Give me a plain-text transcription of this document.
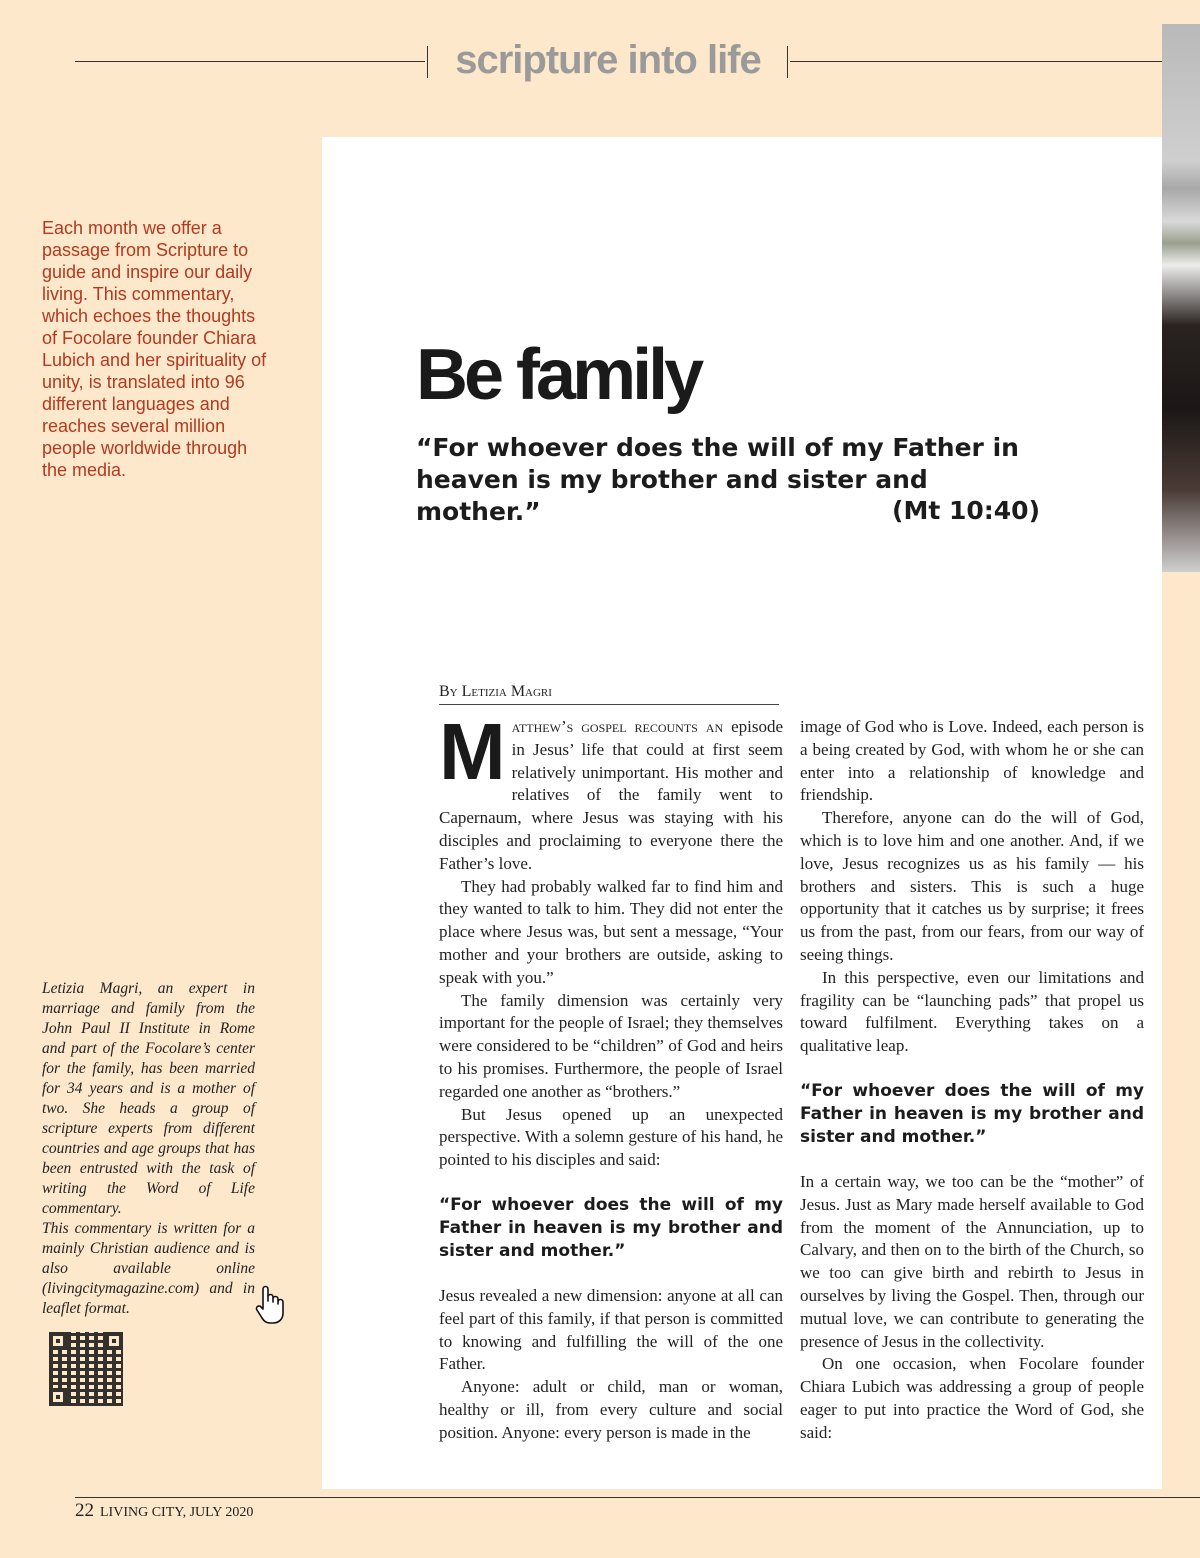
scripture into life
Each month we offer a passage from Scripture to guide and inspire our daily living. This commentary, which echoes the thoughts of Focolare founder Chiara Lubich and her spirituality of unity, is translated into 96 different languages and reaches several million people worldwide through the media.
Be family

“For whoever does the will of my Father in heaven is my brother and sister and mother.”	(Mt 10:40)
By Letizia Magri

Matthew’s gospel recounts an episode in Jesus’ life that could at first seem relatively unimportant. His mother and relatives of the family went to Capernaum, where Jesus was staying with his disciples and proclaiming to everyone there the Father’s love.

They had probably walked far to find him and they wanted to talk to him. They did not enter the place where Jesus was, but sent a message, “Your mother and your brothers are outside, asking to speak with you.”

The family dimension was certainly very important for the people of Israel; they themselves were considered to be “children” of God and heirs to his promises. Furthermore, the people of Israel regarded one another as “brothers.”

But Jesus opened up an unexpected perspective. With a solemn gesture of his hand, he pointed to his disciples and said:

“For whoever does the will of my Father in heaven is my brother and sister and mother.”

Jesus revealed a new dimension: anyone at all can feel part of this family, if that person is committed to knowing and fulfilling the will of the one Father.

Anyone: adult or child, man or woman, healthy or ill, from every culture and social position. Anyone: every person is made in the

image of God who is Love. Indeed, each person is a being created by God, with whom he or she can enter into a relationship of knowledge and friendship.

Therefore, anyone can do the will of God, which is to love him and one another. And, if we love, Jesus recognizes us as his family — his brothers and sisters. This is such a huge opportunity that it catches us by surprise; it frees us from the past, from our fears, from our way of seeing things.

In this perspective, even our limitations and fragility can be “launching pads” that propel us toward fulfilment. Everything takes on a qualitative leap.

“For whoever does the will of my Father in heaven is my brother and sister and mother.”

In a certain way, we too can be the “mother” of Jesus. Just as Mary made herself available to God from the moment of the Annunciation, up to Calvary, and then on to the birth of the Church, so we too can give birth and rebirth to Jesus in ourselves by living the Gospel. Then, through our mutual love, we can contribute to generating the presence of Jesus in the collectivity.

On one occasion, when Focolare founder Chiara Lubich was addressing a group of people eager to put into practice the Word of God, she said:

Letizia Magri, an expert in marriage and family from the John Paul II Institute in Rome and part of the Focolare’s center for the family, has been married for 34 years and is a mother of two. She heads a group of scripture experts from different countries and age groups that has been entrusted with the task of writing the Word of Life commentary.
This commentary is written for a mainly Christian audience and is also available online (livingcitymagazine.com) and in leaflet format.
22 LIVING CITY, JULY 2020
